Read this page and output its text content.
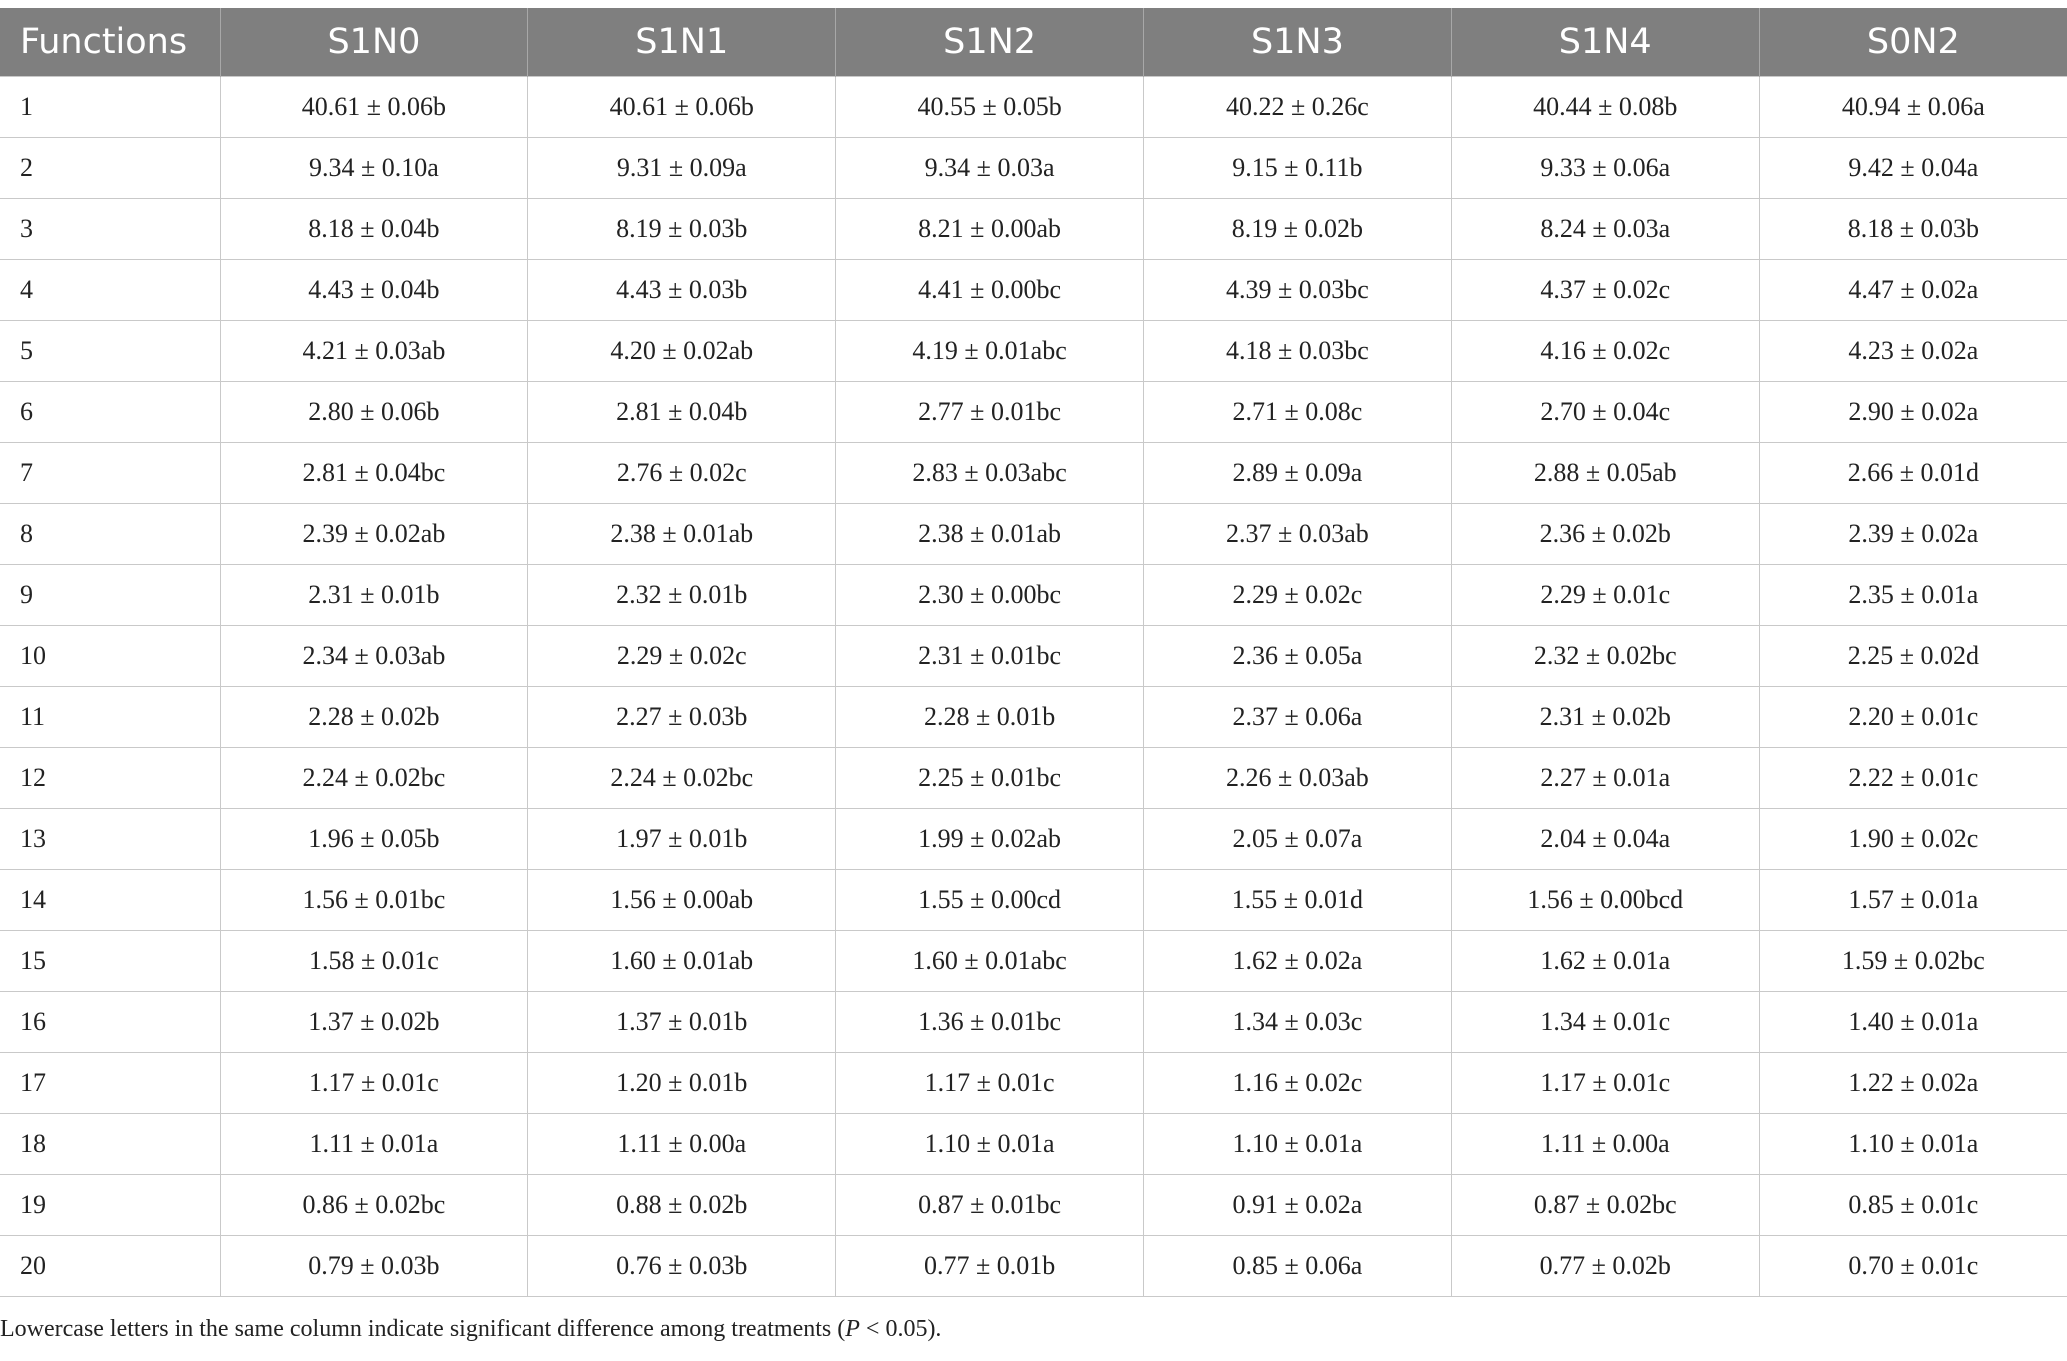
Functions	S1N0	S1N1	S1N2	S1N3	S1N4	S0N2
1	40.61 ± 0.06b	40.61 ± 0.06b	40.55 ± 0.05b	40.22 ± 0.26c	40.44 ± 0.08b	40.94 ± 0.06a
2	9.34 ± 0.10a	9.31 ± 0.09a	9.34 ± 0.03a	9.15 ± 0.11b	9.33 ± 0.06a	9.42 ± 0.04a
3	8.18 ± 0.04b	8.19 ± 0.03b	8.21 ± 0.00ab	8.19 ± 0.02b	8.24 ± 0.03a	8.18 ± 0.03b
4	4.43 ± 0.04b	4.43 ± 0.03b	4.41 ± 0.00bc	4.39 ± 0.03bc	4.37 ± 0.02c	4.47 ± 0.02a
5	4.21 ± 0.03ab	4.20 ± 0.02ab	4.19 ± 0.01abc	4.18 ± 0.03bc	4.16 ± 0.02c	4.23 ± 0.02a
6	2.80 ± 0.06b	2.81 ± 0.04b	2.77 ± 0.01bc	2.71 ± 0.08c	2.70 ± 0.04c	2.90 ± 0.02a
7	2.81 ± 0.04bc	2.76 ± 0.02c	2.83 ± 0.03abc	2.89 ± 0.09a	2.88 ± 0.05ab	2.66 ± 0.01d
8	2.39 ± 0.02ab	2.38 ± 0.01ab	2.38 ± 0.01ab	2.37 ± 0.03ab	2.36 ± 0.02b	2.39 ± 0.02a
9	2.31 ± 0.01b	2.32 ± 0.01b	2.30 ± 0.00bc	2.29 ± 0.02c	2.29 ± 0.01c	2.35 ± 0.01a
10	2.34 ± 0.03ab	2.29 ± 0.02c	2.31 ± 0.01bc	2.36 ± 0.05a	2.32 ± 0.02bc	2.25 ± 0.02d
11	2.28 ± 0.02b	2.27 ± 0.03b	2.28 ± 0.01b	2.37 ± 0.06a	2.31 ± 0.02b	2.20 ± 0.01c
12	2.24 ± 0.02bc	2.24 ± 0.02bc	2.25 ± 0.01bc	2.26 ± 0.03ab	2.27 ± 0.01a	2.22 ± 0.01c
13	1.96 ± 0.05b	1.97 ± 0.01b	1.99 ± 0.02ab	2.05 ± 0.07a	2.04 ± 0.04a	1.90 ± 0.02c
14	1.56 ± 0.01bc	1.56 ± 0.00ab	1.55 ± 0.00cd	1.55 ± 0.01d	1.56 ± 0.00bcd	1.57 ± 0.01a
15	1.58 ± 0.01c	1.60 ± 0.01ab	1.60 ± 0.01abc	1.62 ± 0.02a	1.62 ± 0.01a	1.59 ± 0.02bc
16	1.37 ± 0.02b	1.37 ± 0.01b	1.36 ± 0.01bc	1.34 ± 0.03c	1.34 ± 0.01c	1.40 ± 0.01a
17	1.17 ± 0.01c	1.20 ± 0.01b	1.17 ± 0.01c	1.16 ± 0.02c	1.17 ± 0.01c	1.22 ± 0.02a
18	1.11 ± 0.01a	1.11 ± 0.00a	1.10 ± 0.01a	1.10 ± 0.01a	1.11 ± 0.00a	1.10 ± 0.01a
19	0.86 ± 0.02bc	0.88 ± 0.02b	0.87 ± 0.01bc	0.91 ± 0.02a	0.87 ± 0.02bc	0.85 ± 0.01c
20	0.79 ± 0.03b	0.76 ± 0.03b	0.77 ± 0.01b	0.85 ± 0.06a	0.77 ± 0.02b	0.70 ± 0.01c
Lowercase letters in the same column indicate significant difference among treatments (P < 0.05).
